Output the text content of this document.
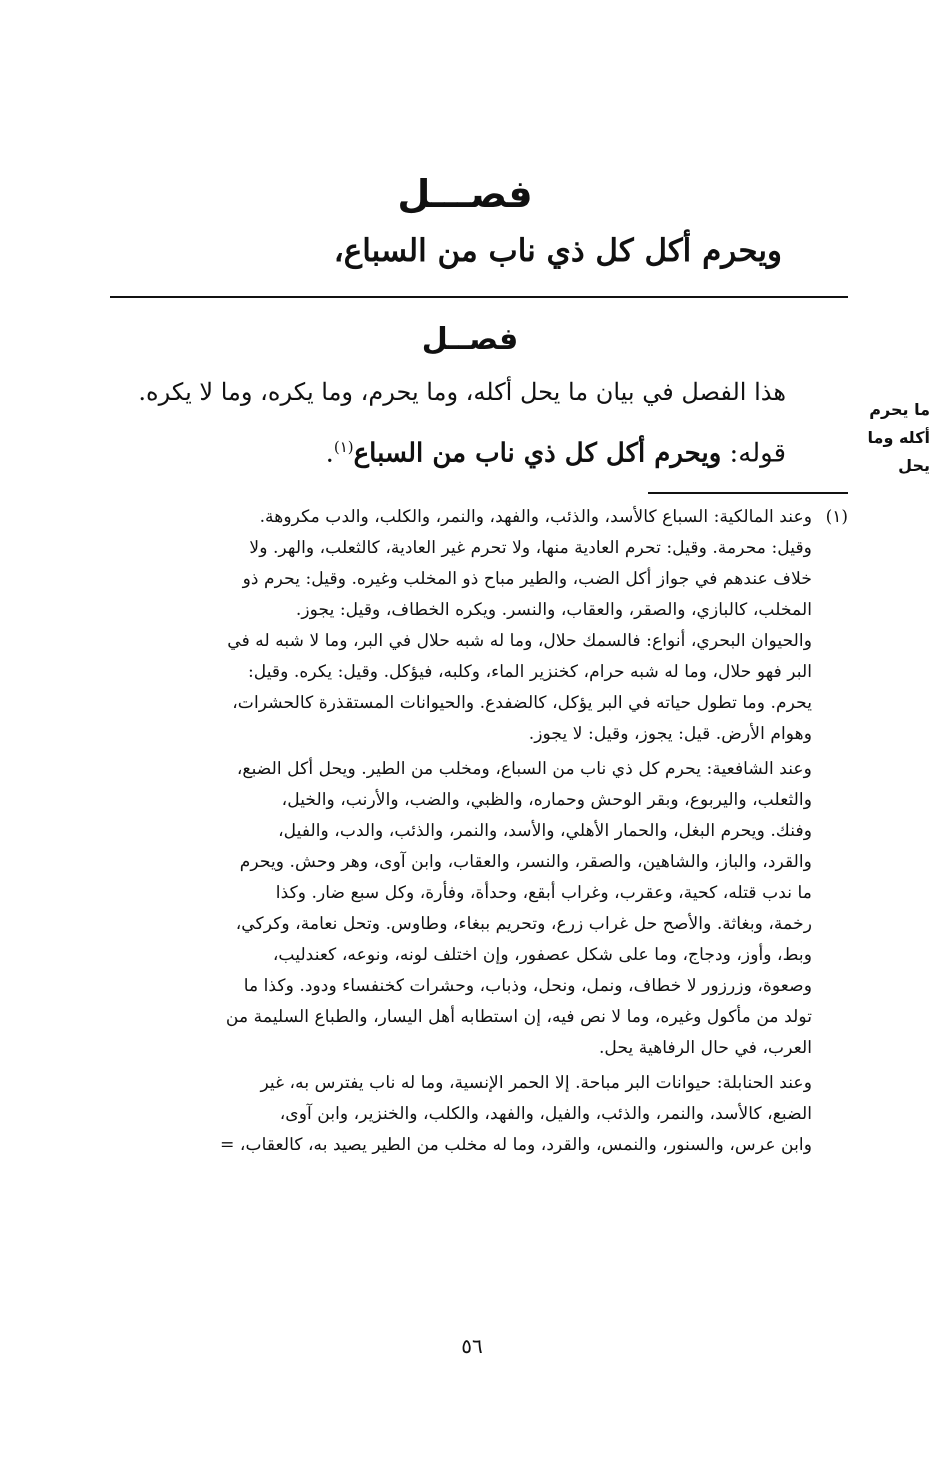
فصـــل
ويحرم أكل كل ذي ناب من السباع،
فصــل
هذا الفصل في بيان ما يحل أكله، وما يحرم، وما يكره، وما لا يكره.
قوله: ويحرم أكل كل ذي ناب من السباع$^{(١)}$.
ما يحرم
أكله وما
يحل
(١)
وعند المالكية: السباع كالأسد، والذئب، والفهد، والنمر، والكلب، والدب مكروهة.
وقيل: محرمة. وقيل: تحرم العادية منها، ولا تحرم غير العادية، كالثعلب، والهر. ولا
خلاف عندهم في جواز أكل الضب، والطير مباح ذو المخلب وغيره. وقيل: يحرم ذو
المخلب، كالبازي، والصقر، والعقاب، والنسر. ويكره الخطاف، وقيل: يجوز.
والحيوان البحري، أنواع: فالسمك حلال، وما له شبه حلال في البر، وما لا شبه له في
البر فهو حلال، وما له شبه حرام، كخنزير الماء، وكلبه، فيؤكل. وقيل: يكره. وقيل:
يحرم. وما تطول حياته في البر يؤكل، كالضفدع. والحيوانات المستقذرة كالحشرات،
وهوام الأرض. قيل: يجوز، وقيل: لا يجوز.
وعند الشافعية: يحرم كل ذي ناب من السباع، ومخلب من الطير. ويحل أكل الضبع،
والثعلب، واليربوع، وبقر الوحش وحماره، والظبي، والضب، والأرنب، والخيل،
وفنك. ويحرم البغل، والحمار الأهلي، والأسد، والنمر، والذئب، والدب، والفيل،
والقرد، والباز، والشاهين، والصقر، والنسر، والعقاب، وابن آوى، وهر وحش. ويحرم
ما ندب قتله، كحية، وعقرب، وغراب أبقع، وحدأة، وفأرة، وكل سبع ضار. وكذا
رخمة، وبغاثة. والأصح حل غراب زرع، وتحريم ببغاء، وطاوس. وتحل نعامة، وكركي،
وبط، وأوز، ودجاج، وما على شكل عصفور، وإن اختلف لونه، ونوعه، كعندليب،
وصعوة، وزرزور لا خطاف، ونمل، ونحل، وذباب، وحشرات كخنفساء ودود. وكذا ما
تولد من مأكول وغيره، وما لا نص فيه، إن استطابه أهل اليسار، والطباع السليمة من
العرب، في حال الرفاهية يحل.
وعند الحنابلة: حيوانات البر مباحة. إلا الحمر الإنسية، وما له ناب يفترس به، غير
الضبع، كالأسد، والنمر، والذئب، والفيل، والفهد، والكلب، والخنزير، وابن آوى،
وابن عرس، والسنور، والنمس، والقرد، وما له مخلب من الطير يصيد به، كالعقاب، =
٥٦
